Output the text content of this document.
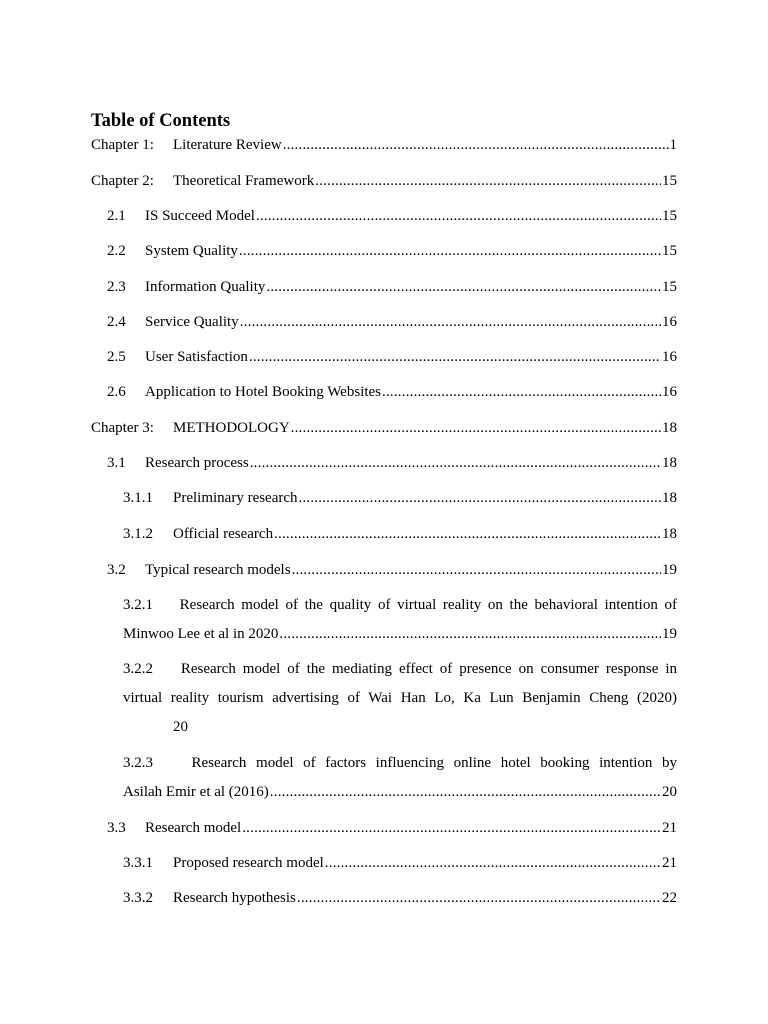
Table of Contents
Chapter 1:	Literature Review .....	1
Chapter 2:	Theoretical Framework .....	15
2.1	IS Succeed Model .....	15
2.2	System Quality .....	15
2.3	Information Quality .....	15
2.4	Service Quality .....	16
2.5	User Satisfaction .....	16
2.6	Application to Hotel Booking Websites .....	16
Chapter 3:	METHODOLOGY .....	18
3.1	Research process .....	18
3.1.1	Preliminary research .....	18
3.1.2	Official research .....	18
3.2	Typical research models .....	19
3.2.1 Research model of the quality of virtual reality on the behavioral intention of
Minwoo Lee et al in 2020 .....	19
3.2.2 Research model of the mediating effect of presence on consumer response in
virtual reality tourism advertising of Wai Han Lo, Ka Lun Benjamin Cheng (2020)
20
3.2.3	Research model of factors influencing online hotel booking intention by
Asilah Emir et al (2016) .....	20
3.3	Research model .....	21
3.3.1	Proposed research model .....	21
3.3.2	Research hypothesis .....	22
